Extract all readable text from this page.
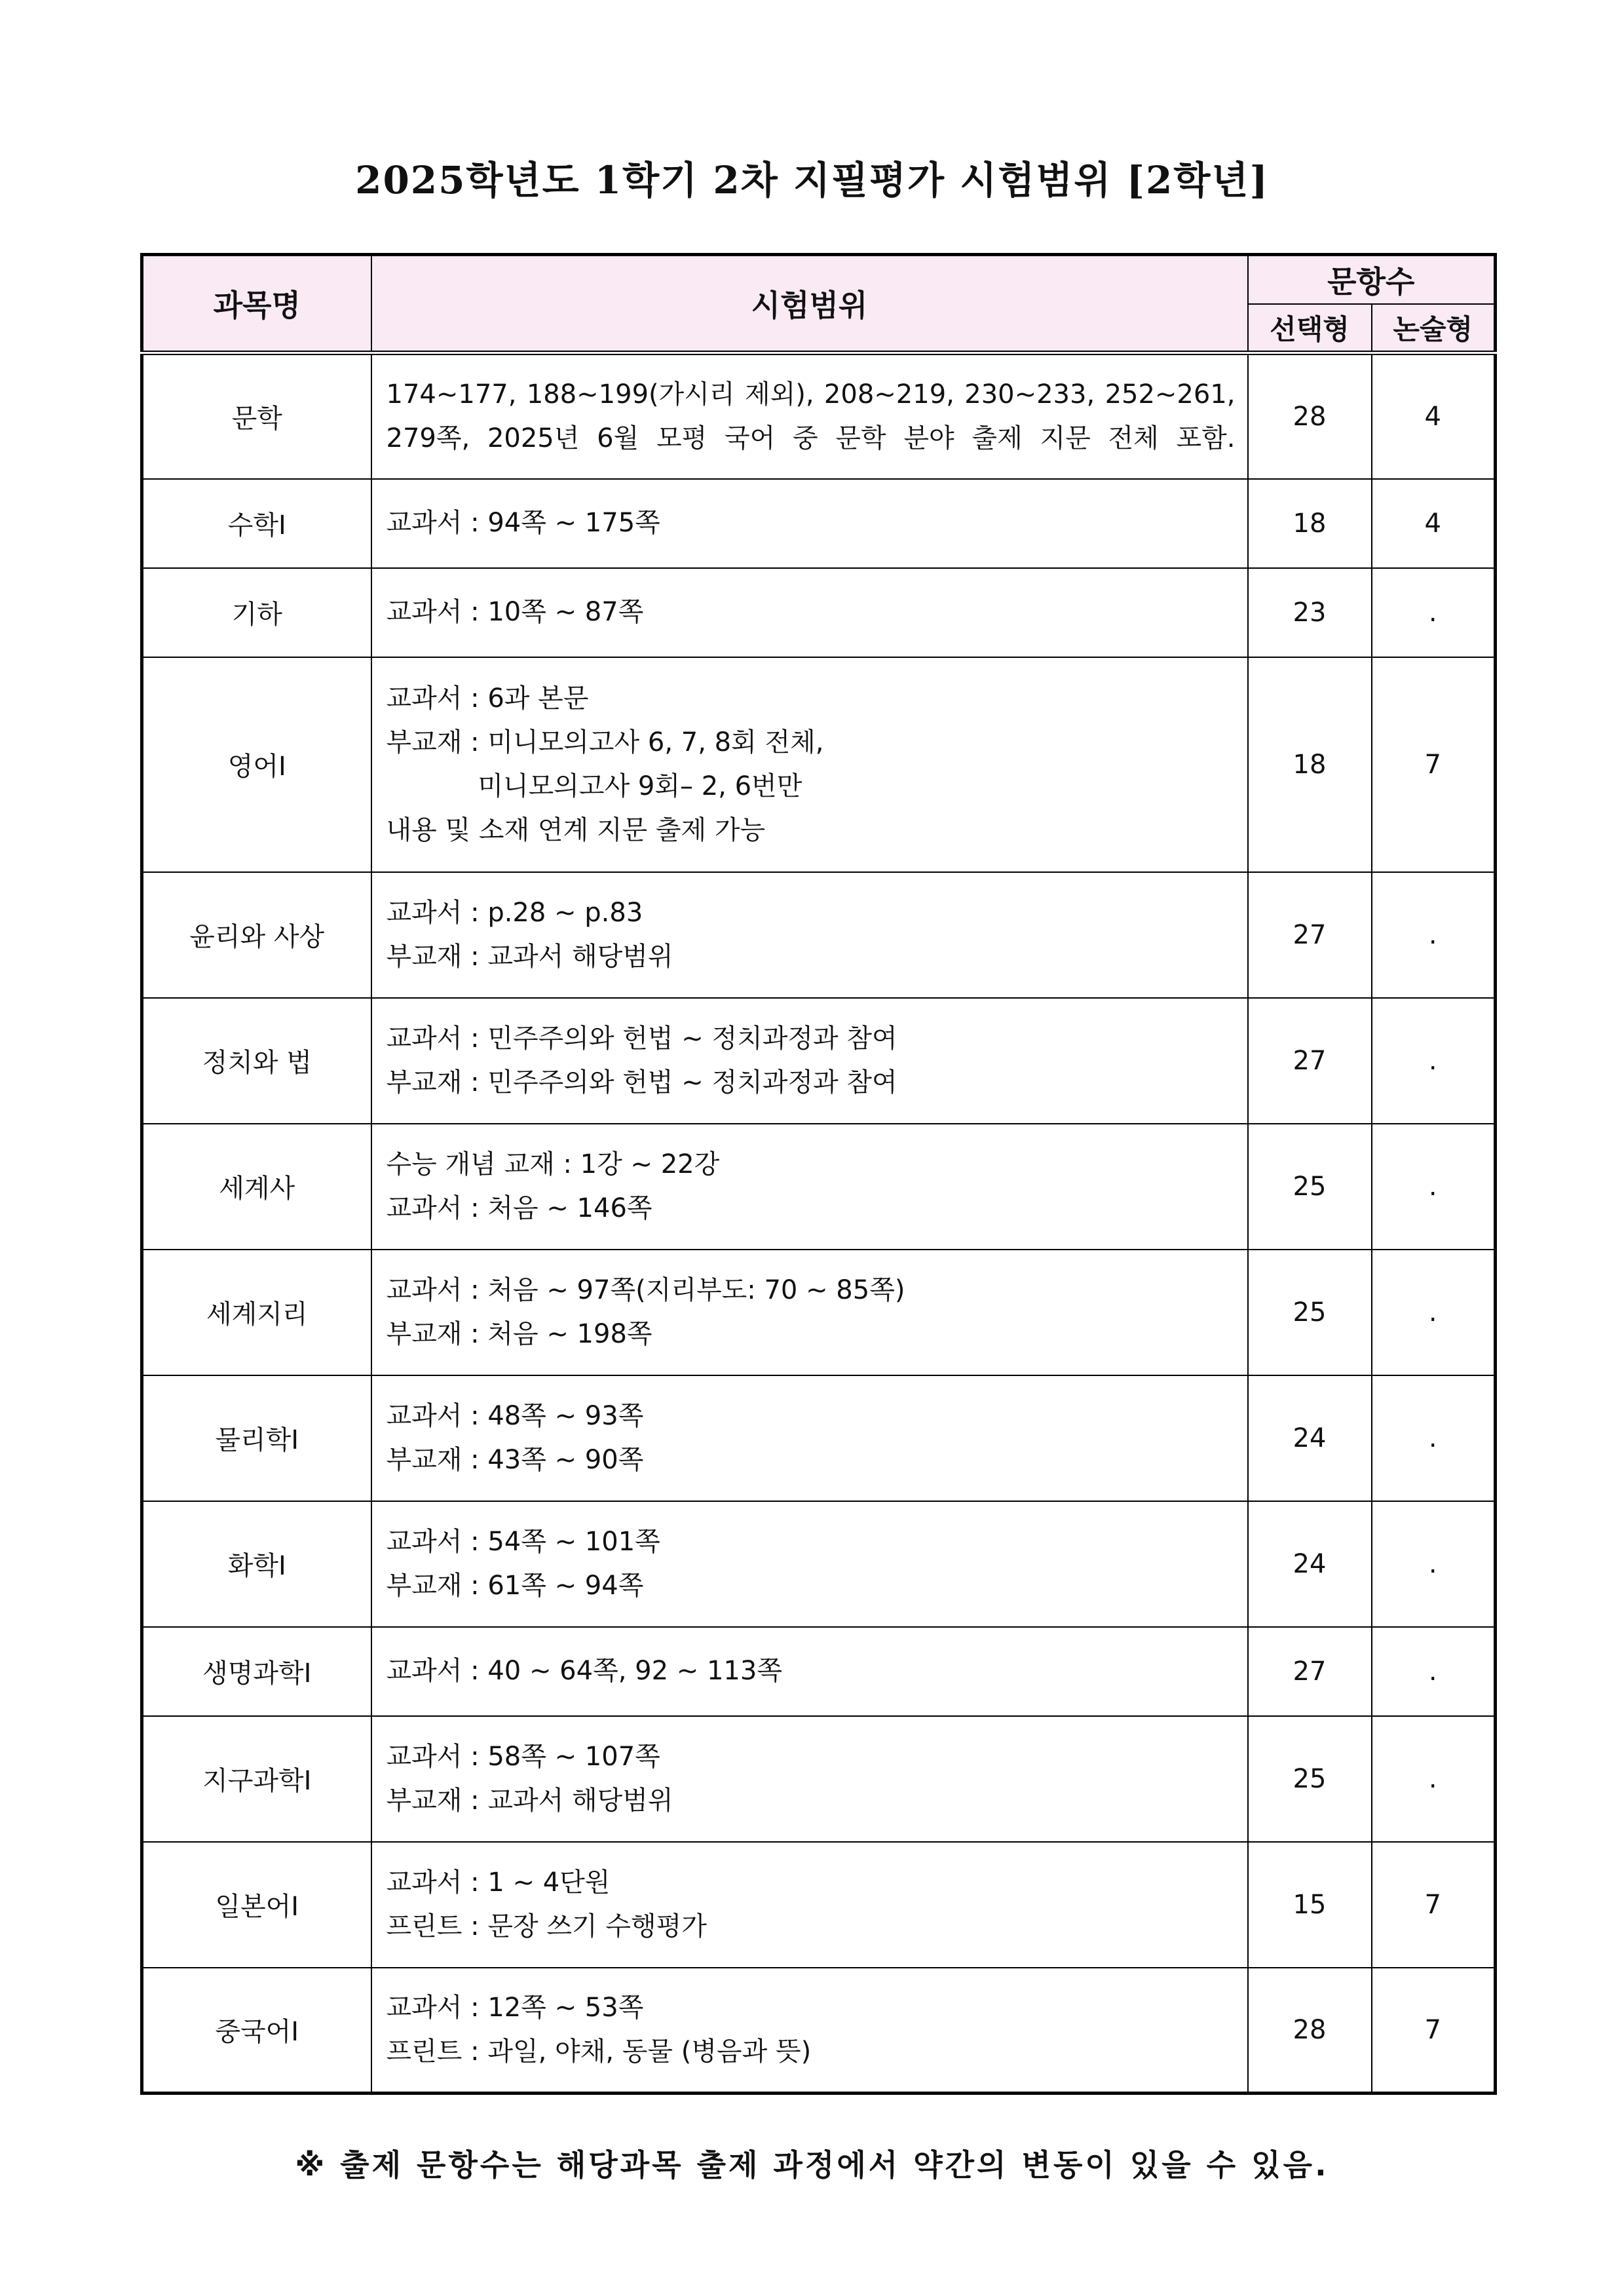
2025학년도 1학기 2차 지필평가 시험범위 [2학년]
과목명	시험범위	문항수	
		선택형	논술형
문학	174~177, 188~199(가시리 제외), 208~219, 230~233, 252~261,
279쪽, 2025년 6월 모평 국어 중 문학 분야 출제 지문 전체 포함.	28	4
수학Ⅰ	교과서 : 94쪽 ~ 175쪽	18	4
기하	교과서 : 10쪽 ~ 87쪽	23	.
영어Ⅰ	교과서 : 6과 본문
부교재 : 미니모의고사 6, 7, 8회 전체,
미니모의고사 9회– 2, 6번만
내용 및 소재 연계 지문 출제 가능	18	7
윤리와 사상	교과서 : p.28 ~ p.83
부교재 : 교과서 해당범위	27	.
정치와 법	교과서 : 민주주의와 헌법 ~ 정치과정과 참여
부교재 : 민주주의와 헌법 ~ 정치과정과 참여	27	.
세계사	수능 개념 교재 : 1강 ~ 22강
교과서 : 처음 ~ 146쪽	25	.
세계지리	교과서 : 처음 ~ 97쪽(지리부도: 70 ~ 85쪽)
부교재 : 처음 ~ 198쪽	25	.
물리학Ⅰ	교과서 : 48쪽 ~ 93쪽
부교재 : 43쪽 ~ 90쪽	24	.
화학Ⅰ	교과서 : 54쪽 ~ 101쪽
부교재 : 61쪽 ~ 94쪽	24	.
생명과학Ⅰ	교과서 : 40 ~ 64쪽, 92 ~ 113쪽	27	.
지구과학Ⅰ	교과서 : 58쪽 ~ 107쪽
부교재 : 교과서 해당범위	25	.
일본어Ⅰ	교과서 : 1 ~ 4단원
프린트 : 문장 쓰기 수행평가	15	7
중국어Ⅰ	교과서 : 12쪽 ~ 53쪽
프린트 : 과일, 야채, 동물 (병음과 뜻)	28	7
※ 출제 문항수는 해당과목 출제 과정에서 약간의 변동이 있을 수 있음.
